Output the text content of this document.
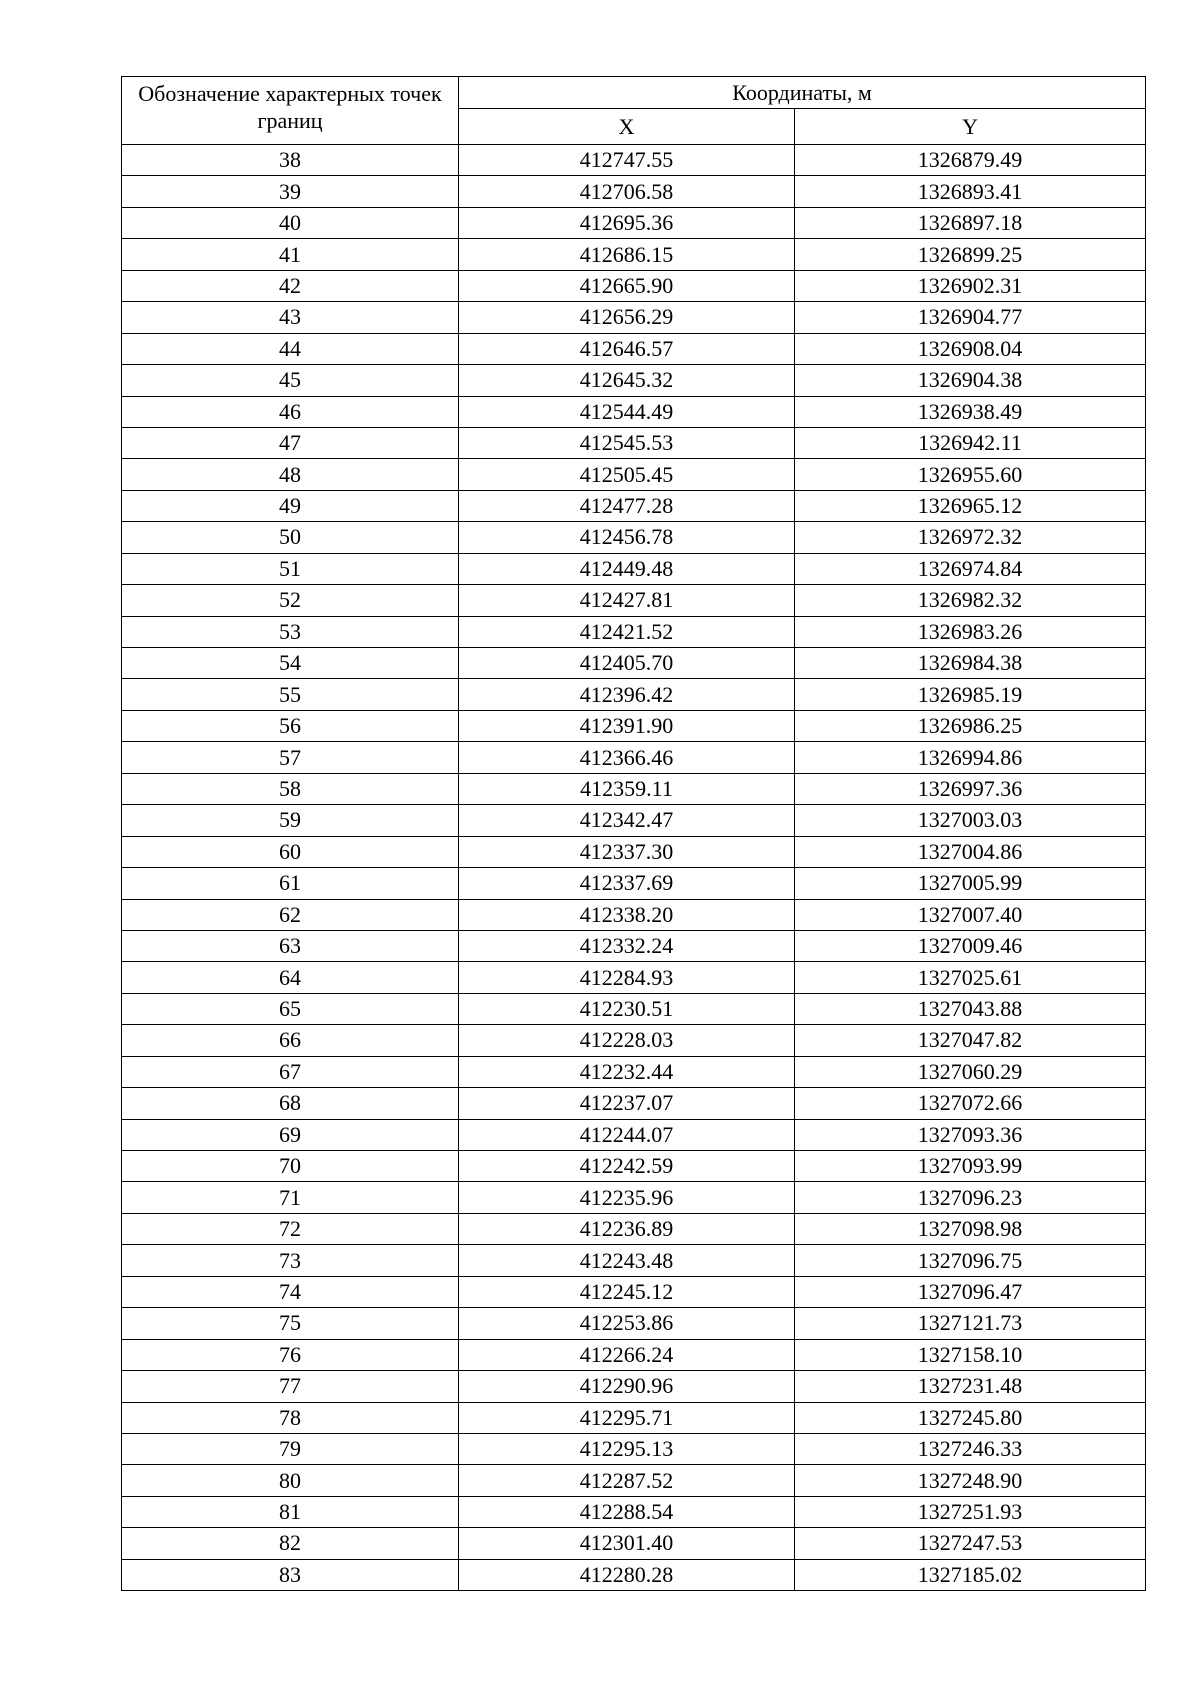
Обозначение характерных точек границ	Координаты, м	
	X	Y
38	412747.55	1326879.49
39	412706.58	1326893.41
40	412695.36	1326897.18
41	412686.15	1326899.25
42	412665.90	1326902.31
43	412656.29	1326904.77
44	412646.57	1326908.04
45	412645.32	1326904.38
46	412544.49	1326938.49
47	412545.53	1326942.11
48	412505.45	1326955.60
49	412477.28	1326965.12
50	412456.78	1326972.32
51	412449.48	1326974.84
52	412427.81	1326982.32
53	412421.52	1326983.26
54	412405.70	1326984.38
55	412396.42	1326985.19
56	412391.90	1326986.25
57	412366.46	1326994.86
58	412359.11	1326997.36
59	412342.47	1327003.03
60	412337.30	1327004.86
61	412337.69	1327005.99
62	412338.20	1327007.40
63	412332.24	1327009.46
64	412284.93	1327025.61
65	412230.51	1327043.88
66	412228.03	1327047.82
67	412232.44	1327060.29
68	412237.07	1327072.66
69	412244.07	1327093.36
70	412242.59	1327093.99
71	412235.96	1327096.23
72	412236.89	1327098.98
73	412243.48	1327096.75
74	412245.12	1327096.47
75	412253.86	1327121.73
76	412266.24	1327158.10
77	412290.96	1327231.48
78	412295.71	1327245.80
79	412295.13	1327246.33
80	412287.52	1327248.90
81	412288.54	1327251.93
82	412301.40	1327247.53
83	412280.28	1327185.02
